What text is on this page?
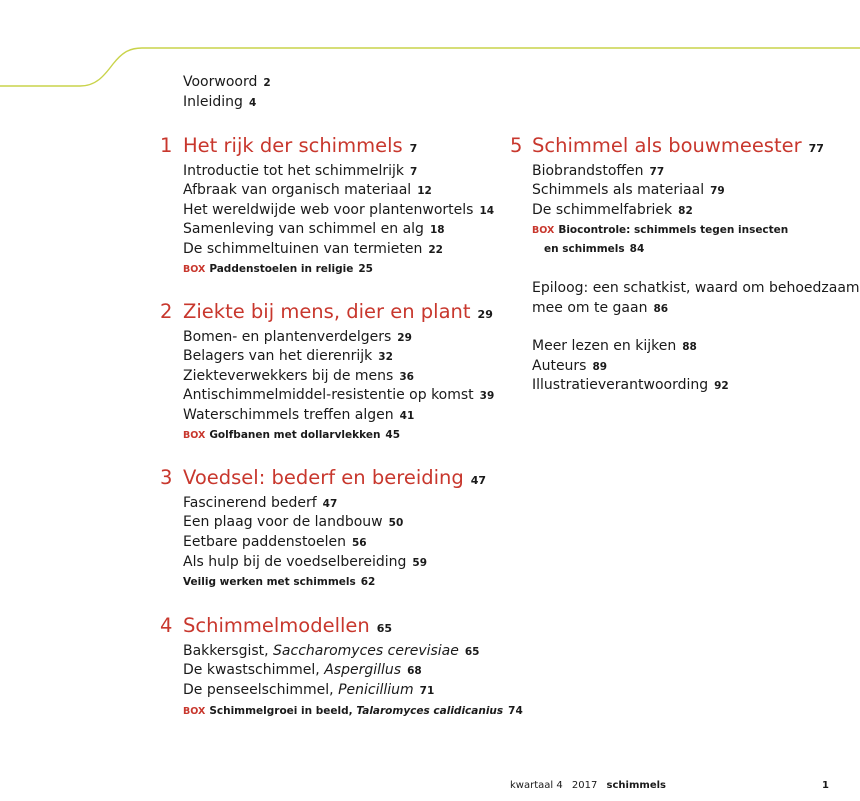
Voorwoord 2
Inleiding 4
1 Het rijk der schimmels 7
Introductie tot het schimmelrijk 7
Afbraak van organisch materiaal 12
Het wereldwijde web voor plantenwortels 14
Samenleving van schimmel en alg 18
De schimmeltuinen van termieten 22
BOX Paddenstoelen in religie 25
2 Ziekte bij mens, dier en plant 29
Bomen- en plantenverdelgers 29
Belagers van het dierenrijk 32
Ziekteverwekkers bij de mens 36
Antischimmelmiddel-resistentie op komst 39
Waterschimmels treffen algen 41
BOX Golfbanen met dollarvlekken 45
3 Voedsel: bederf en bereiding 47
Fascinerend bederf 47
Een plaag voor de landbouw 50
Eetbare paddenstoelen 56
Als hulp bij de voedselbereiding 59
Veilig werken met schimmels 62
4 Schimmelmodellen 65
Bakkersgist, Saccharomyces cerevisiae 65
De kwastschimmel, Aspergillus 68
De penseelschimmel, Penicillium 71
BOX Schimmelgroei in beeld, Talaromyces calidicanius 74
5 Schimmel als bouwmeester 77
Biobrandstoffen 77
Schimmels als materiaal 79
De schimmelfabriek 82
BOX Biocontrole: schimmels tegen insecten
en schimmels 84
Epiloog: een schatkist, waard om behoedzaam
mee om te gaan 86
Meer lezen en kijken 88
Auteurs 89
Illustratieverantwoording 92
kwartaal 4 2017 schimmels	1
